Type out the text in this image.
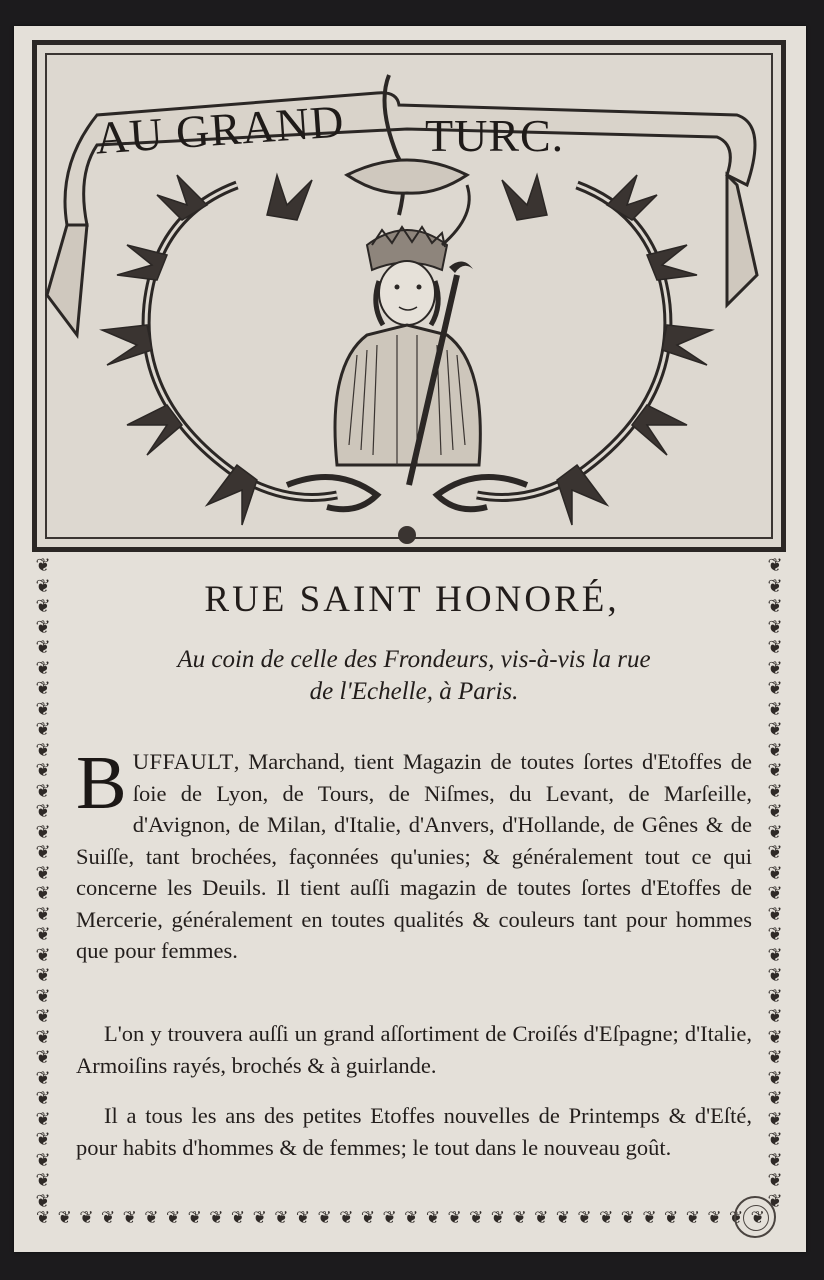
AU GRAND TURC.
❦
❦
❦
❦
❦
❦
❦
❦
❦
❦
❦
❦
❦
❦
❦
❦
❦
❦
❦
❦
❦
❦
❦
❦
❦
❦
❦
❦
❦
❦
❦
❦
❦
❦
❦
❦
❦
❦
❦
❦
❦
❦
❦
❦
❦
❦
❦
❦
❦
❦
❦
❦
❦
❦
❦
❦
❦
❦
❦
❦
❦
❦
❦
❦
❦ ❦ ❦ ❦ ❦ ❦ ❦ ❦ ❦ ❦ ❦ ❦ ❦ ❦ ❦ ❦ ❦ ❦ ❦ ❦ ❦ ❦ ❦ ❦ ❦ ❦ ❦ ❦ ❦ ❦ ❦ ❦ ❦ ❦
RUE SAINT HONORÉ,
Au coin de celle des Frondeurs, vis-à-vis la rue
de l'Echelle, à Paris.
BUFFAULT, Marchand, tient Magazin de toutes ſortes d'Etoffes de ſoie de Lyon, de Tours, de Niſmes, du Levant, de Marſeille, d'Avignon, de Milan, d'Italie, d'Anvers, d'Hollande, de Gênes & de Suiſſe, tant brochées, façonnées qu'unies; & généralement tout ce qui concerne les Deuils. Il tient auſſi magazin de toutes ſortes d'Etoffes de Mercerie, généralement en toutes qualités & couleurs tant pour hommes que pour femmes.
L'on y trouvera auſſi un grand aſſortiment de Croiſés d'Eſpagne; d'Italie, Armoiſins rayés, brochés & à guirlande.
Il a tous les ans des petites Etoffes nouvelles de Printemps & d'Eſté, pour habits d'hommes & de femmes; le tout dans le nouveau goût.
